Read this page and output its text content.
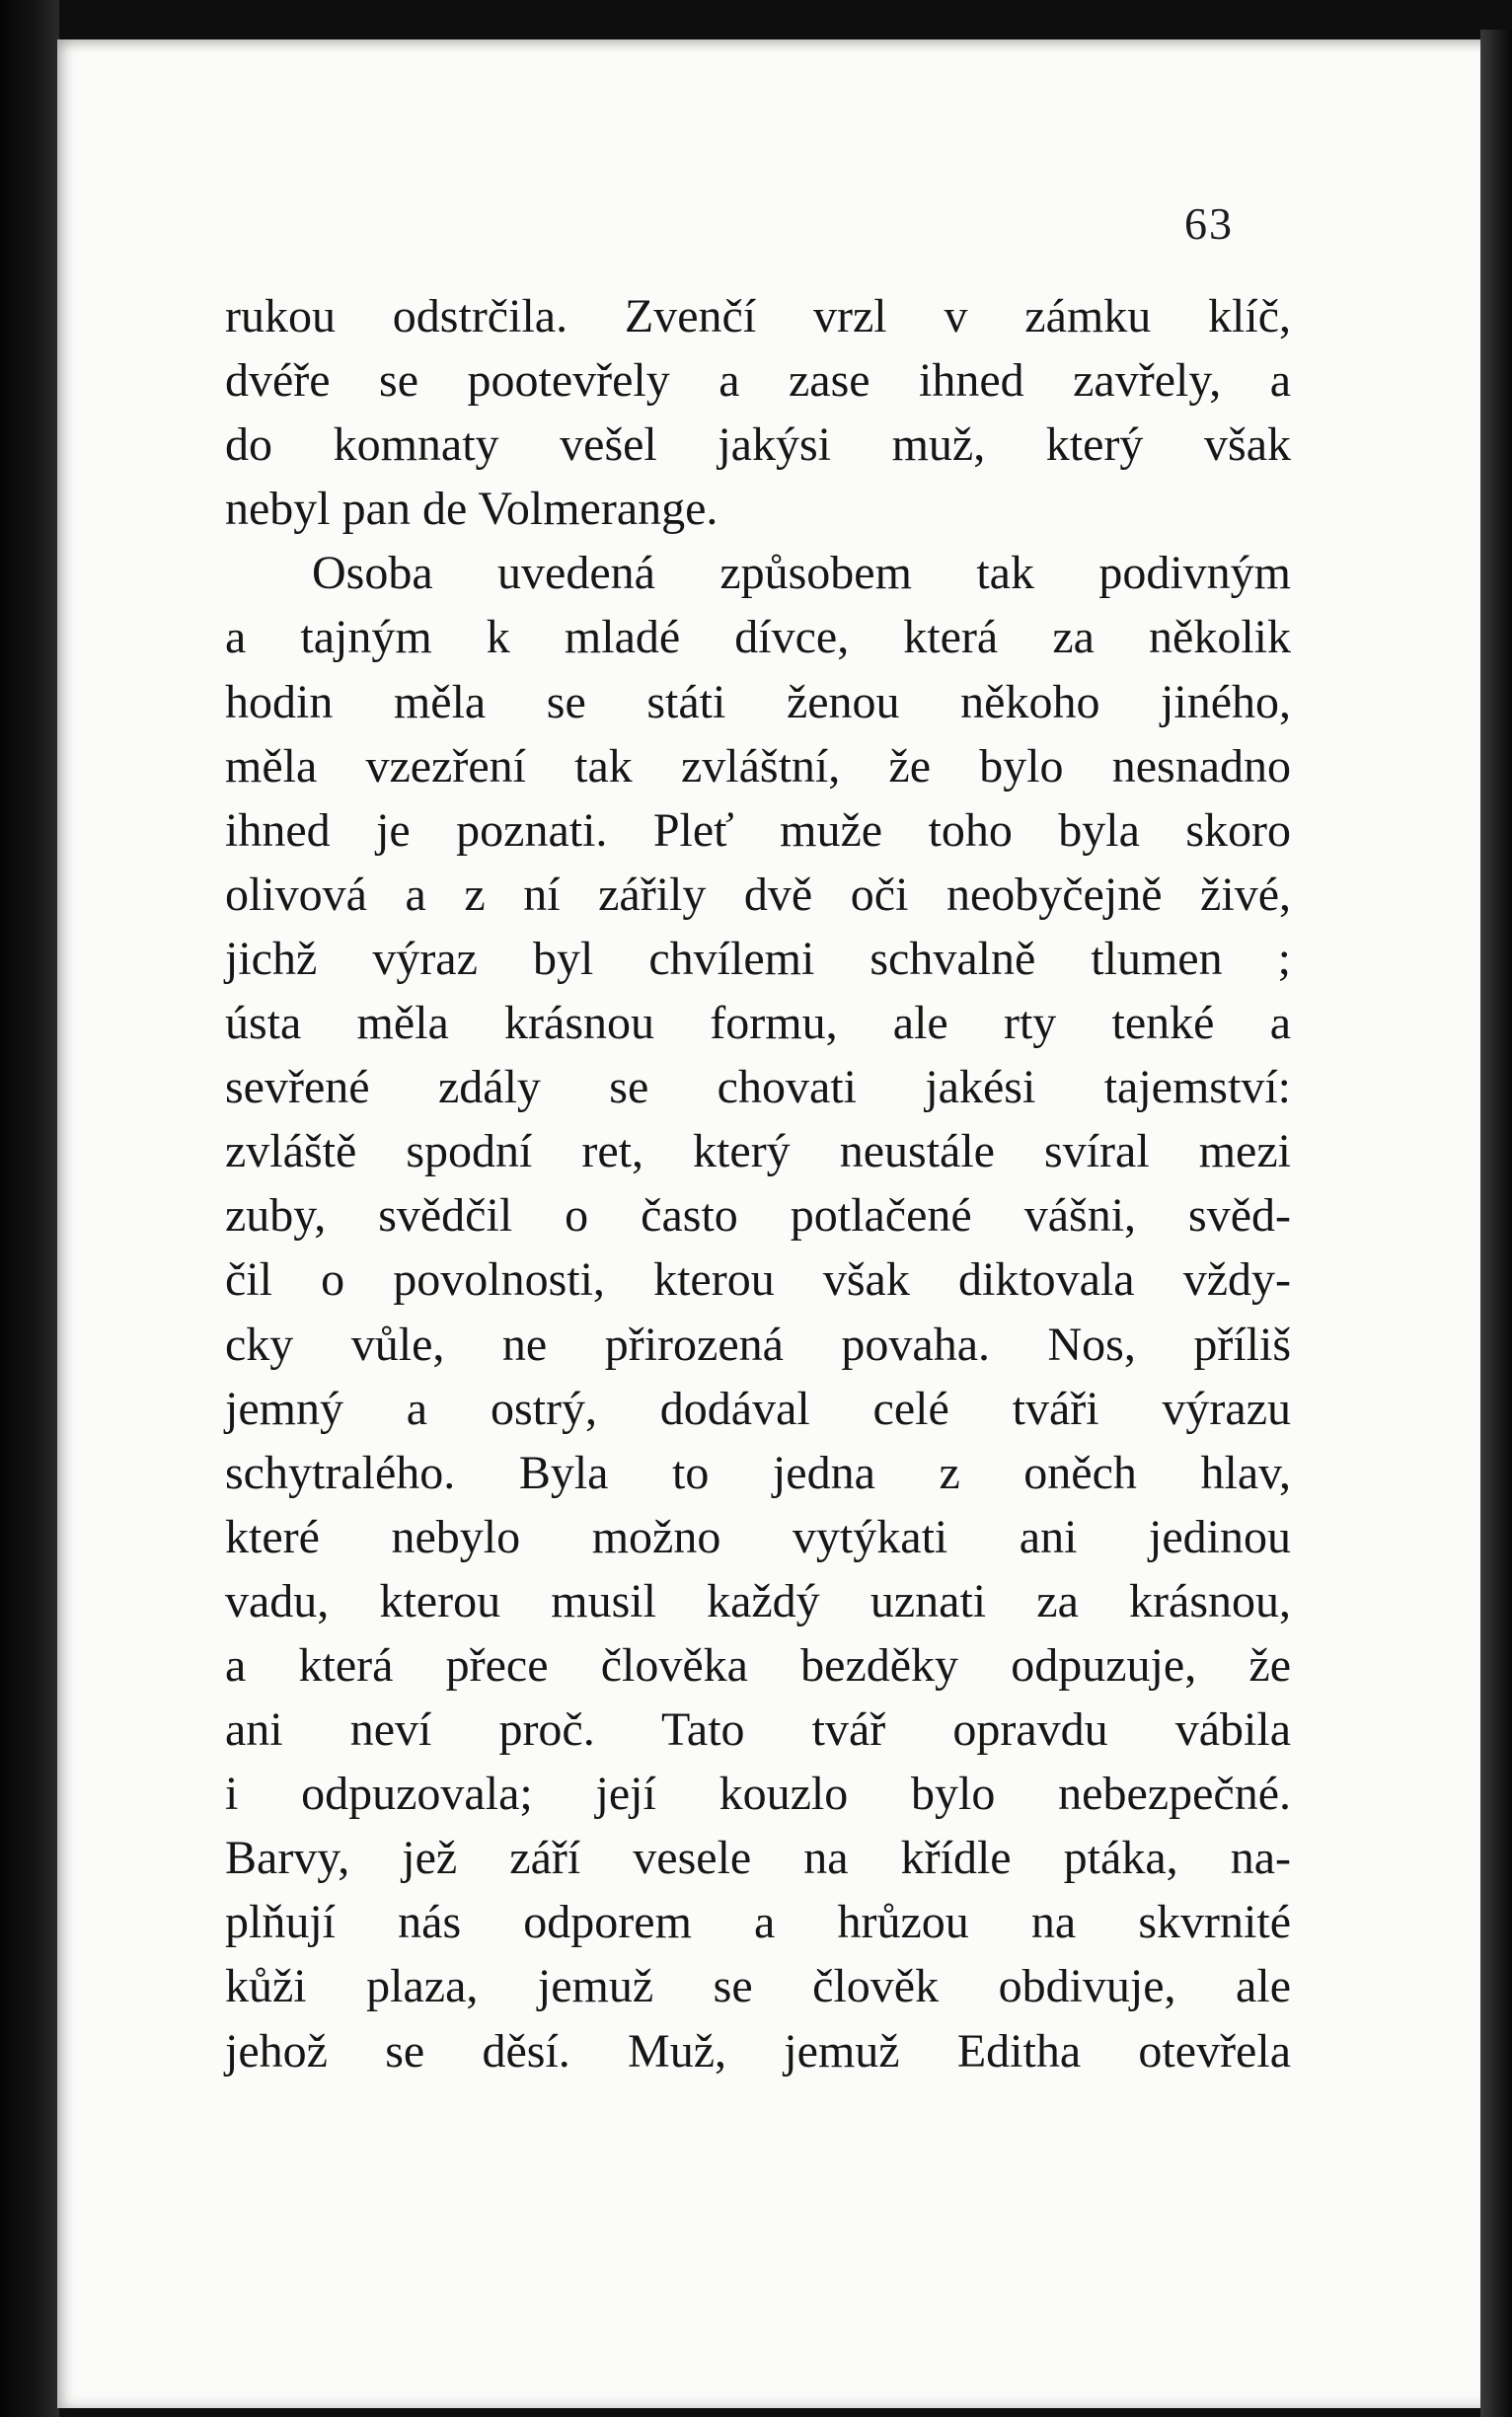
63
rukou odstrčila. Zvenčí vrzl v zámku klíč,
dvéře se pootevřely a zase ihned zavřely, a
do komnaty vešel jakýsi muž, který však
nebyl pan de Volmerange.
Osoba uvedená způsobem tak podivným
a tajným k mladé dívce, která za několik
hodin měla se státi ženou někoho jiného,
měla vzezření tak zvláštní, že bylo nesnadno
ihned je poznati. Pleť muže toho byla skoro
olivová a z ní zářily dvě oči neobyčejně živé,
jichž výraz byl chvílemi schvalně tlumen ;
ústa měla krásnou formu, ale rty tenké a
sevřené zdály se chovati jakési tajemství:
zvláště spodní ret, který neustále svíral mezi
zuby, svědčil o často potlačené vášni, svěd-
čil o povolnosti, kterou však diktovala vždy-
cky vůle, ne přirozená povaha. Nos, příliš
jemný a ostrý, dodával celé tváři výrazu
schytralého. Byla to jedna z oněch hlav,
které nebylo možno vytýkati ani jedinou
vadu, kterou musil každý uznati za krásnou,
a která přece člověka bezděky odpuzuje, že
ani neví proč. Tato tvář opravdu vábila
i odpuzovala; její kouzlo bylo nebezpečné.
Barvy, jež září vesele na křídle ptáka, na-
plňují nás odporem a hrůzou na skvrnité
kůži plaza, jemuž se člověk obdivuje, ale
jehož se děsí. Muž, jemuž Editha otevřela
